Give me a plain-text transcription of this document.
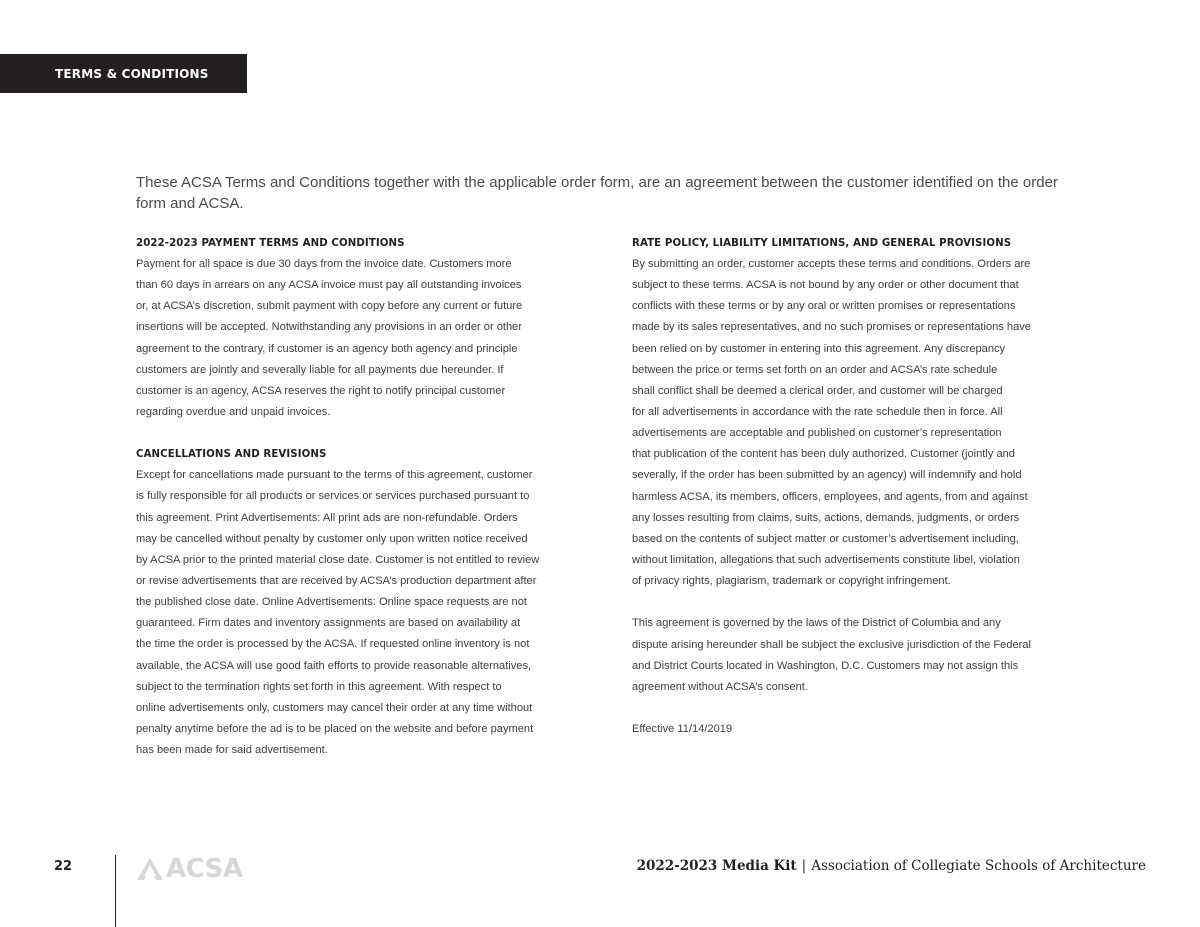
TERMS & CONDITIONS

These ACSA Terms and Conditions together with the applicable order form, are an agreement between the customer identified on the order form and ACSA.

2022-2023 PAYMENT TERMS AND CONDITIONS

Payment for all space is due 30 days from the invoice date. Customers more

than 60 days in arrears on any ACSA invoice must pay all outstanding invoices

or, at ACSA’s discretion, submit payment with copy before any current or future

insertions will be accepted. Notwithstanding any provisions in an order or other

agreement to the contrary, if customer is an agency both agency and principle

customers are jointly and severally liable for all payments due hereunder. If

customer is an agency, ACSA reserves the right to notify principal customer

regarding overdue and unpaid invoices.

CANCELLATIONS AND REVISIONS

Except for cancellations made pursuant to the terms of this agreement, customer

is fully responsible for all products or services or services purchased pursuant to

this agreement. Print Advertisements: All print ads are non-refundable. Orders

may be cancelled without penalty by customer only upon written notice received

by ACSA prior to the printed material close date. Customer is not entitled to review

or revise advertisements that are received by ACSA’s production department after

the published close date. Online Advertisements: Online space requests are not

guaranteed. Firm dates and inventory assignments are based on availability at

the time the order is processed by the ACSA. If requested online inventory is not

available, the ACSA will use good faith efforts to provide reasonable alternatives,

subject to the termination rights set forth in this agreement. With respect to

online advertisements only, customers may cancel their order at any time without

penalty anytime before the ad is to be placed on the website and before payment

has been made for said advertisement.

RATE POLICY, LIABILITY LIMITATIONS, AND GENERAL PROVISIONS

By submitting an order, customer accepts these terms and conditions. Orders are

subject to these terms. ACSA is not bound by any order or other document that

conflicts with these terms or by any oral or written promises or representations

made by its sales representatives, and no such promises or representations have

been relied on by customer in entering into this agreement. Any discrepancy

between the price or terms set forth on an order and ACSA’s rate schedule

shall conflict shall be deemed a clerical order, and customer will be charged

for all advertisements in accordance with the rate schedule then in force. All

advertisements are acceptable and published on customer’s representation

that publication of the content has been duly authorized. Customer (jointly and

severally, if the order has been submitted by an agency) will indemnify and hold

harmless ACSA, its members, officers, employees, and agents, from and against

any losses resulting from claims, suits, actions, demands, judgments, or orders

based on the contents of subject matter or customer’s advertisement including,

without limitation, allegations that such advertisements constitute libel, violation

of privacy rights, plagiarism, trademark or copyright infringement.

This agreement is governed by the laws of the District of Columbia and any

dispute arising hereunder shall be subject the exclusive jurisdiction of the Federal

and District Courts located in Washington, D.C. Customers may not assign this

agreement without ACSA’s consent.

Effective 11/14/2019

22	ACSA	2022-2023 Media Kit | Association of Collegiate Schools of Architecture
